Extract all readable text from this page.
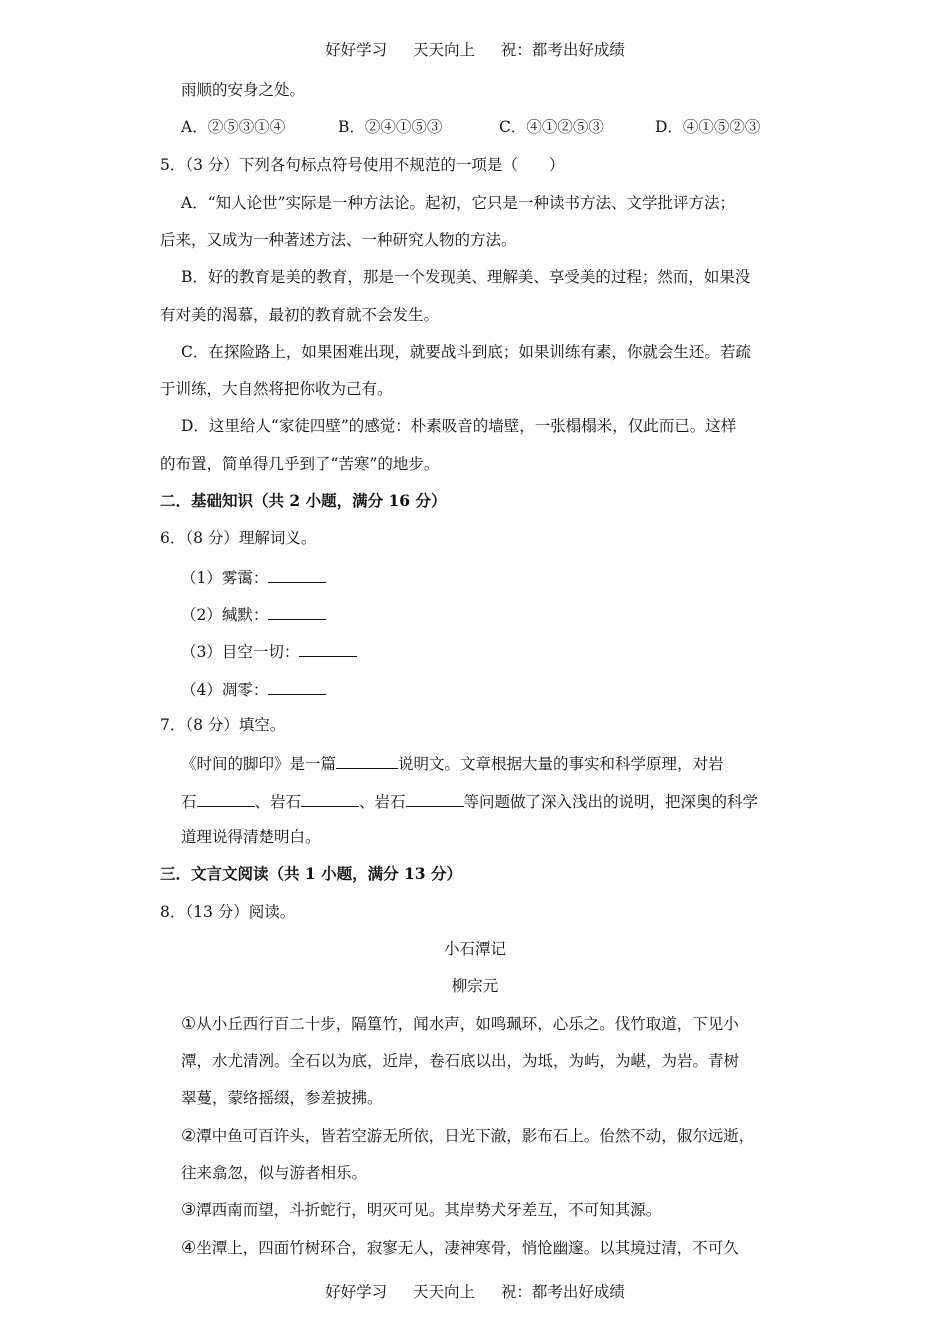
好好学习 天天向上 祝：都考出好成绩
雨顺的安身之处。
A．②⑤③①④	B．②④①⑤③	C．④①②⑤③	D．④①⑤②③
5．（3 分）下列各句标点符号使用不规范的一项是（　　）
A．“知人论世”实际是一种方法论。起初，它只是一种读书方法、文学批评方法；
后来，又成为一种著述方法、一种研究人物的方法。
B．好的教育是美的教育，那是一个发现美、理解美、享受美的过程；然而，如果没
有对美的渴慕，最初的教育就不会发生。
C．在探险路上，如果困难出现，就要战斗到底；如果训练有素，你就会生还。若疏
于训练，大自然将把你收为己有。
D．这里给人“家徒四壁”的感觉：朴素吸音的墙壁，一张榻榻米，仅此而已。这样
的布置，简单得几乎到了“苦寒”的地步。
二．基础知识（共 2 小题，满分 16 分）
6．（8 分）理解词义。
（1）雾霭：
（2）缄默：
（3）目空一切：
（4）凋零：
7．（8 分）填空。
《时间的脚印》是一篇	说明文。文章根据大量的事实和科学原理，对岩
石	、岩石	、岩石	等问题做了深入浅出的说明，把深奥的科学
道理说得清楚明白。
三．文言文阅读（共 1 小题，满分 13 分）
8．（13 分）阅读。
小石潭记
柳宗元
①从小丘西行百二十步，隔篁竹，闻水声，如鸣珮环，心乐之。伐竹取道，下见小
潭，水尤清冽。全石以为底，近岸，卷石底以出，为坻，为屿，为嵁，为岩。青树
翠蔓，蒙络摇缀，参差披拂。
②潭中鱼可百许头，皆若空游无所依，日光下澈，影布石上。佁然不动，俶尔远逝，
往来翕忽，似与游者相乐。
③潭西南而望，斗折蛇行，明灭可见。其岸势犬牙差互，不可知其源。
④坐潭上，四面竹树环合，寂寥无人，凄神寒骨，悄怆幽邃。以其境过清，不可久
好好学习 天天向上 祝：都考出好成绩
